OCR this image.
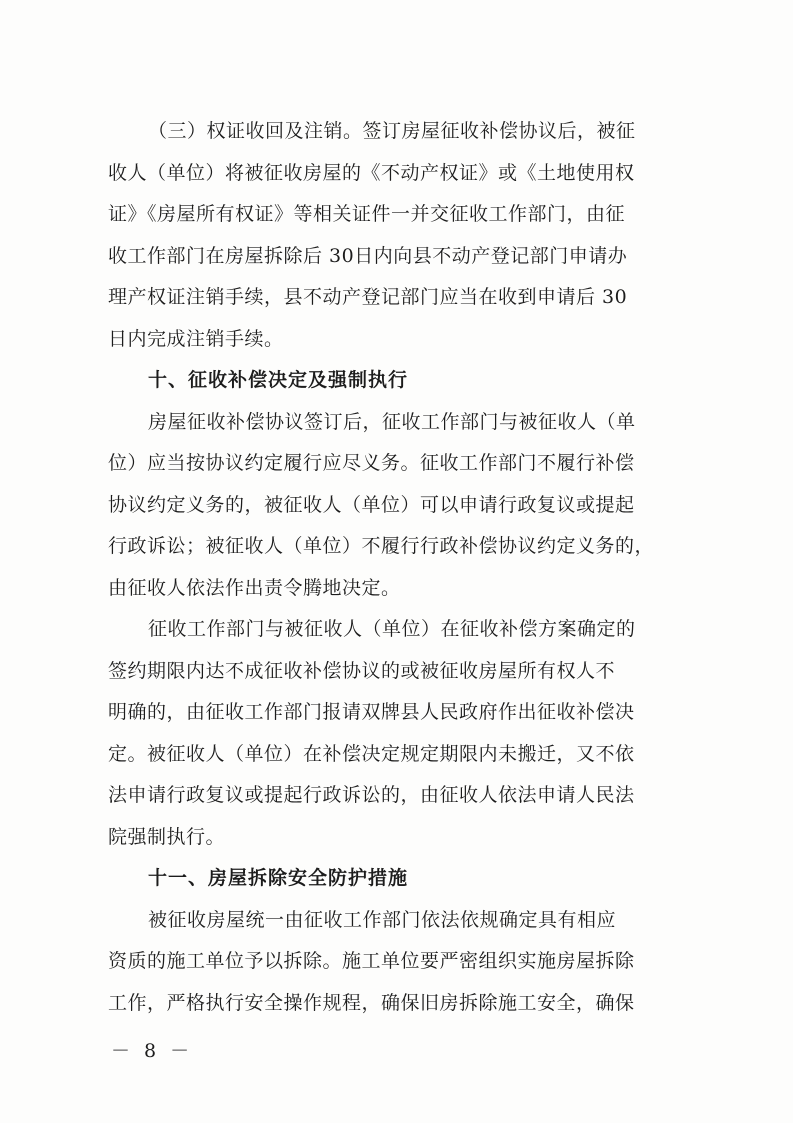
（三）权证收回及注销。签订房屋征收补偿协议后，被征
收人（单位）将被征收房屋的《不动产权证》或《土地使用权
证》《房屋所有权证》等相关证件一并交征收工作部门，由征
收工作部门在房屋拆除后 30日内向县不动产登记部门申请办
理产权证注销手续，县不动产登记部门应当在收到申请后 30
日内完成注销手续。
十、征收补偿决定及强制执行
房屋征收补偿协议签订后，征收工作部门与被征收人（单
位）应当按协议约定履行应尽义务。征收工作部门不履行补偿
协议约定义务的，被征收人（单位）可以申请行政复议或提起
行政诉讼；被征收人（单位）不履行行政补偿协议约定义务的，
由征收人依法作出责令腾地决定。
征收工作部门与被征收人（单位）在征收补偿方案确定的
签约期限内达不成征收补偿协议的或被征收房屋所有权人不
明确的，由征收工作部门报请双牌县人民政府作出征收补偿决
定。被征收人（单位）在补偿决定规定期限内未搬迁，又不依
法申请行政复议或提起行政诉讼的，由征收人依法申请人民法
院强制执行。
十一、房屋拆除安全防护措施
被征收房屋统一由征收工作部门依法依规确定具有相应
资质的施工单位予以拆除。施工单位要严密组织实施房屋拆除
工作，严格执行安全操作规程，确保旧房拆除施工安全，确保
－ 8 －
